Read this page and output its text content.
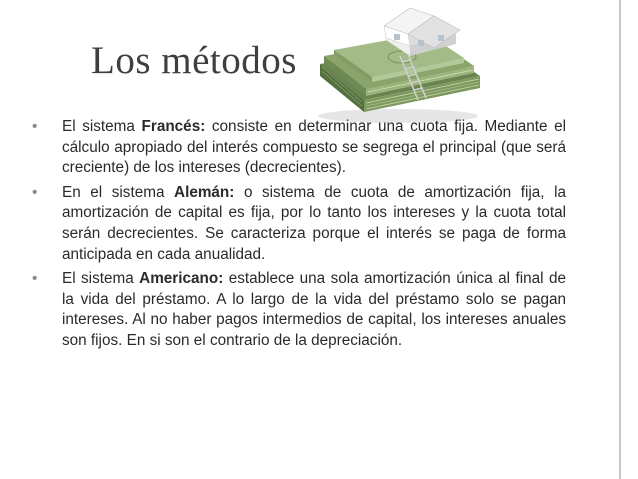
Los métodos
• El sistema Francés: consiste en determinar una cuota fija. Mediante el cálculo apropiado del interés compuesto se segrega el principal (que será creciente) de los intereses (decrecientes).
• En el sistema Alemán: o sistema de cuota de amortización fija, la amortización de capital es fija, por lo tanto los intereses y la cuota total serán decrecientes. Se caracteriza porque el interés se paga de forma anticipada en cada anualidad.
• El sistema Americano: establece una sola amortización única al final de la vida del préstamo. A lo largo de la vida del préstamo solo se pagan intereses. Al no haber pagos intermedios de capital, los intereses anuales son fijos. En si son el contrario de la depreciación.
